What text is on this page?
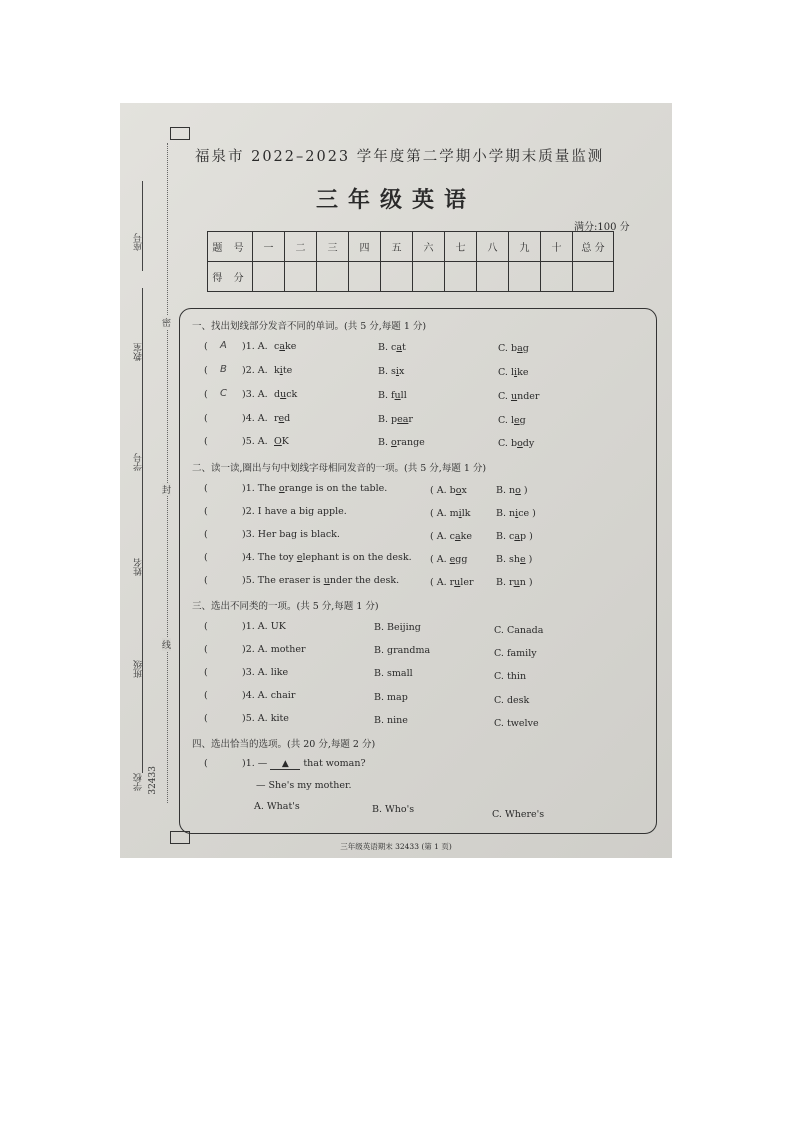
座号
教室
学号
姓名
班级
学校 32433
密
封
线
福泉市 2022–2023 学年度第二学期小学期末质量监测
三年级英语
满分:100 分
题 号	一	二	三	四	五	六	七	八	九	十	总 分
得 分											
一、找出划线部分发音不同的单词。(共 5 分,每题 1 分)
( A )1. A. cake	B. cat	C. bag
( B )2. A. kite	B. six	C. like
( C )3. A. duck	B. full	C. under
(	)4. A. red	B. pear	C. leg
(	)5. A. OK	B. orange	C. body
二、读一读,圈出与句中划线字母相同发音的一项。(共 5 分,每题 1 分)
(	)1. The orange is on the table.	( A. box	B. no )
(	)2. I have a big apple.	( A. milk	B. nice )
(	)3. Her bag is black.	( A. cake	B. cap )
(	)4. The toy elephant is on the desk. ( A. egg	B. she )
(	)5. The eraser is under the desk.	( A. ruler B. run )
三、选出不同类的一项。(共 5 分,每题 1 分)
(	)1. A. UK	B. Beijing	C. Canada
(	)2. A. mother	B. grandma	C. family
(	)3. A. like	B. small	C. thin
(	)4. A. chair	B. map	C. desk
(	)5. A. kite	B. nine	C. twelve
四、选出恰当的选项。(共 20 分,每题 2 分)
(	)1. — ▲ that woman?
— She's my mother.
A. What's	B. Who's	C. Where's
三年级英语期末 32433 (第 1 页)
